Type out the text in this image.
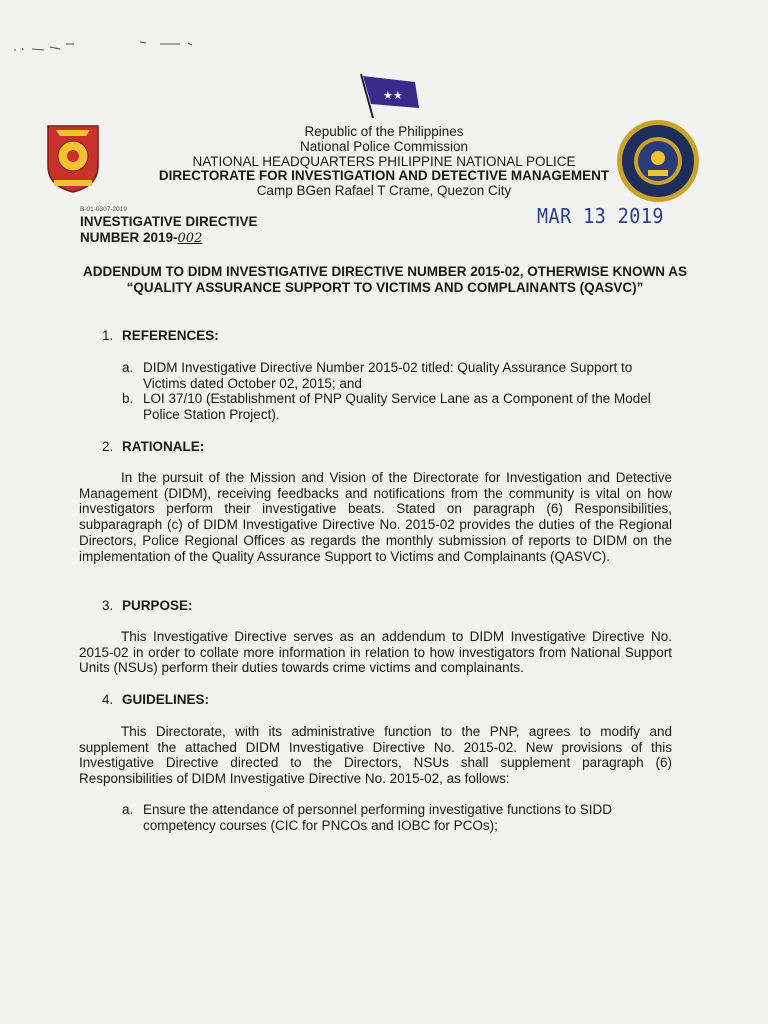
★★
Republic of the Philippines
National Police Commission
NATIONAL HEADQUARTERS PHILIPPINE NATIONAL POLICE
DIRECTORATE FOR INVESTIGATION AND DETECTIVE MANAGEMENT
Camp BGen Rafael T Crame, Quezon City
B-01-0307-2019
INVESTIGATIVE DIRECTIVE
NUMBER 2019-002
MAR 13 2019
ADDENDUM TO DIDM INVESTIGATIVE DIRECTIVE NUMBER 2015-02, OTHERWISE KNOWN AS “QUALITY ASSURANCE SUPPORT TO VICTIMS AND COMPLAINANTS (QASVC)”
1. REFERENCES:
a. DIDM Investigative Directive Number 2015-02 titled: Quality Assurance Support to Victims dated October 02, 2015; and
b. LOI 37/10 (Establishment of PNP Quality Service Lane as a Component of the Model Police Station Project).
2. RATIONALE:
In the pursuit of the Mission and Vision of the Directorate for Investigation and Detective Management (DIDM), receiving feedbacks and notifications from the community is vital on how investigators perform their investigative beats. Stated on paragraph (6) Responsibilities, subparagraph (c) of DIDM Investigative Directive No. 2015-02 provides the duties of the Regional Directors, Police Regional Offices as regards the monthly submission of reports to DIDM on the implementation of the Quality Assurance Support to Victims and Complainants (QASVC).
3. PURPOSE:
This Investigative Directive serves as an addendum to DIDM Investigative Directive No. 2015-02 in order to collate more information in relation to how investigators from National Support Units (NSUs) perform their duties towards crime victims and complainants.
4. GUIDELINES:
This Directorate, with its administrative function to the PNP, agrees to modify and supplement the attached DIDM Investigative Directive No. 2015-02. New provisions of this Investigative Directive directed to the Directors, NSUs shall supplement paragraph (6) Responsibilities of DIDM Investigative Directive No. 2015-02, as follows:
a. Ensure the attendance of personnel performing investigative functions to SIDD competency courses (CIC for PNCOs and IOBC for PCOs);
